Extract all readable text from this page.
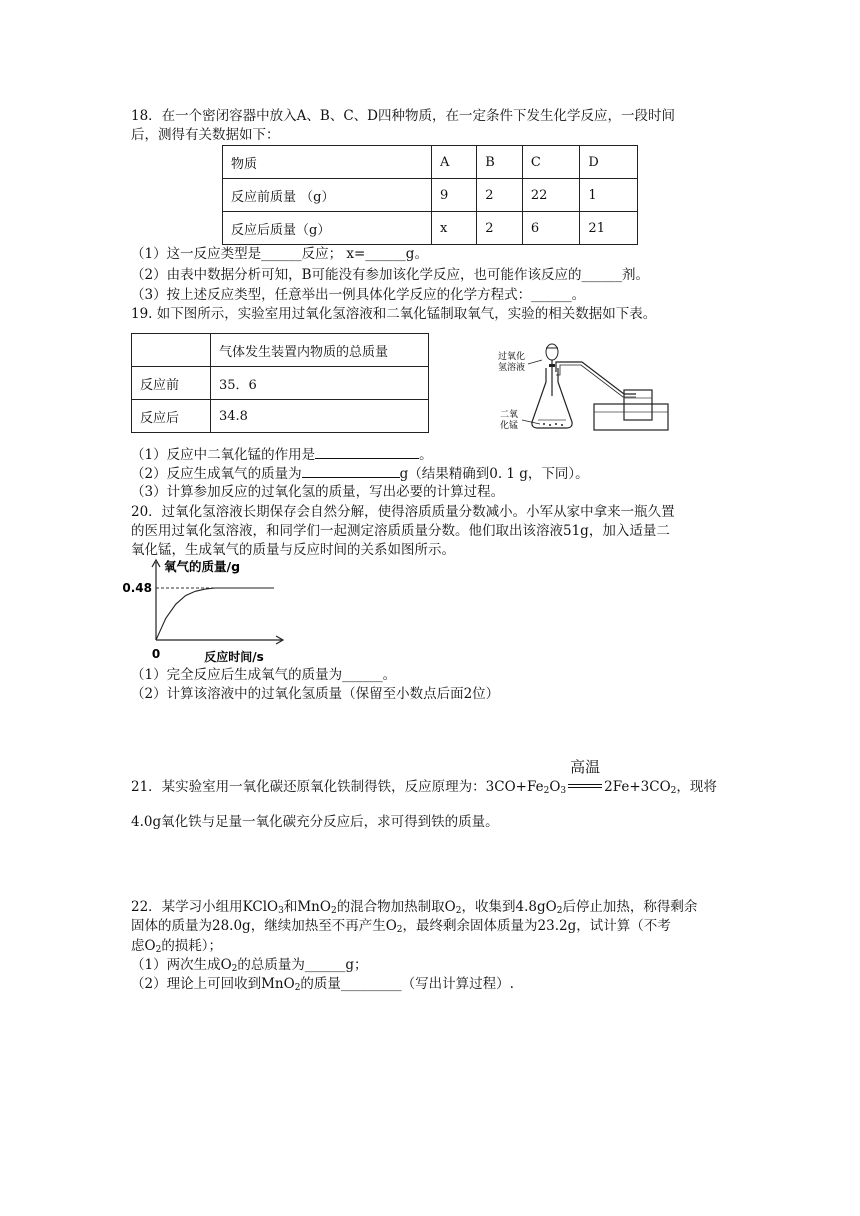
18．在一个密闭容器中放入A、B、C、D四种物质，在一定条件下发生化学反应，一段时间
后，测得有关数据如下：
物质	A	B	C	D
反应前质量 （g）	9	2	22	1
反应后质量（g）	x	2	6	21
（1）这一反应类型是______反应； x=______g。
（2）由表中数据分析可知，B可能没有参加该化学反应，也可能作该反应的______剂。
（3）按上述反应类型，任意举出一例具体化学反应的化学方程式：______。
19. 如下图所示，实验室用过氧化氢溶液和二氧化锰制取氧气，实验的相关数据如下表。
	气体发生装置内物质的总质量
反应前	35．6
反应后	34.8
过氧化
氢溶液
二氧
化锰
（1）反应中二氧化锰的作用是	。
（2）反应生成氧气的质量为	g（结果精确到0. 1 g，下同）。
（3）计算参加反应的过氧化氢的质量，写出必要的计算过程。
20．过氧化氢溶液长期保存会自然分解，使得溶质质量分数减小。小军从家中拿来一瓶久置
的医用过氧化氢溶液，和同学们一起测定溶质质量分数。他们取出该溶液51g，加入适量二
氧化锰，生成氧气的质量与反应时间的关系如图所示。
氧气的质量/g
反应时间/s
0
0.48
（1）完全反应后生成氧气的质量为______。
（2）计算该溶液中的过氧化氢质量（保留至小数点后面2位）
21．某实验室用一氧化碳还原氧化铁制得铁，反应原理为：$3CO+Fe_2O_3$
高温
$2Fe+3CO_2$，现将
4.0g氧化铁与足量一氧化碳充分反应后，求可得到铁的质量。
22．某学习小组用KClO$_3$和MnO$_2$的混合物加热制取$O_2$，收集到$4.8gO_2$后停止加热，称得剩余
固体的质量为28.0g，继续加热至不再产生$O_2$，最终剩余固体质量为23.2g，试计算（不考
虑$O_2$的损耗）；
（1）两次生成$O_2$的总质量为______g；
（2）理论上可回收到MnO$_2$的质量_________（写出计算过程）.
